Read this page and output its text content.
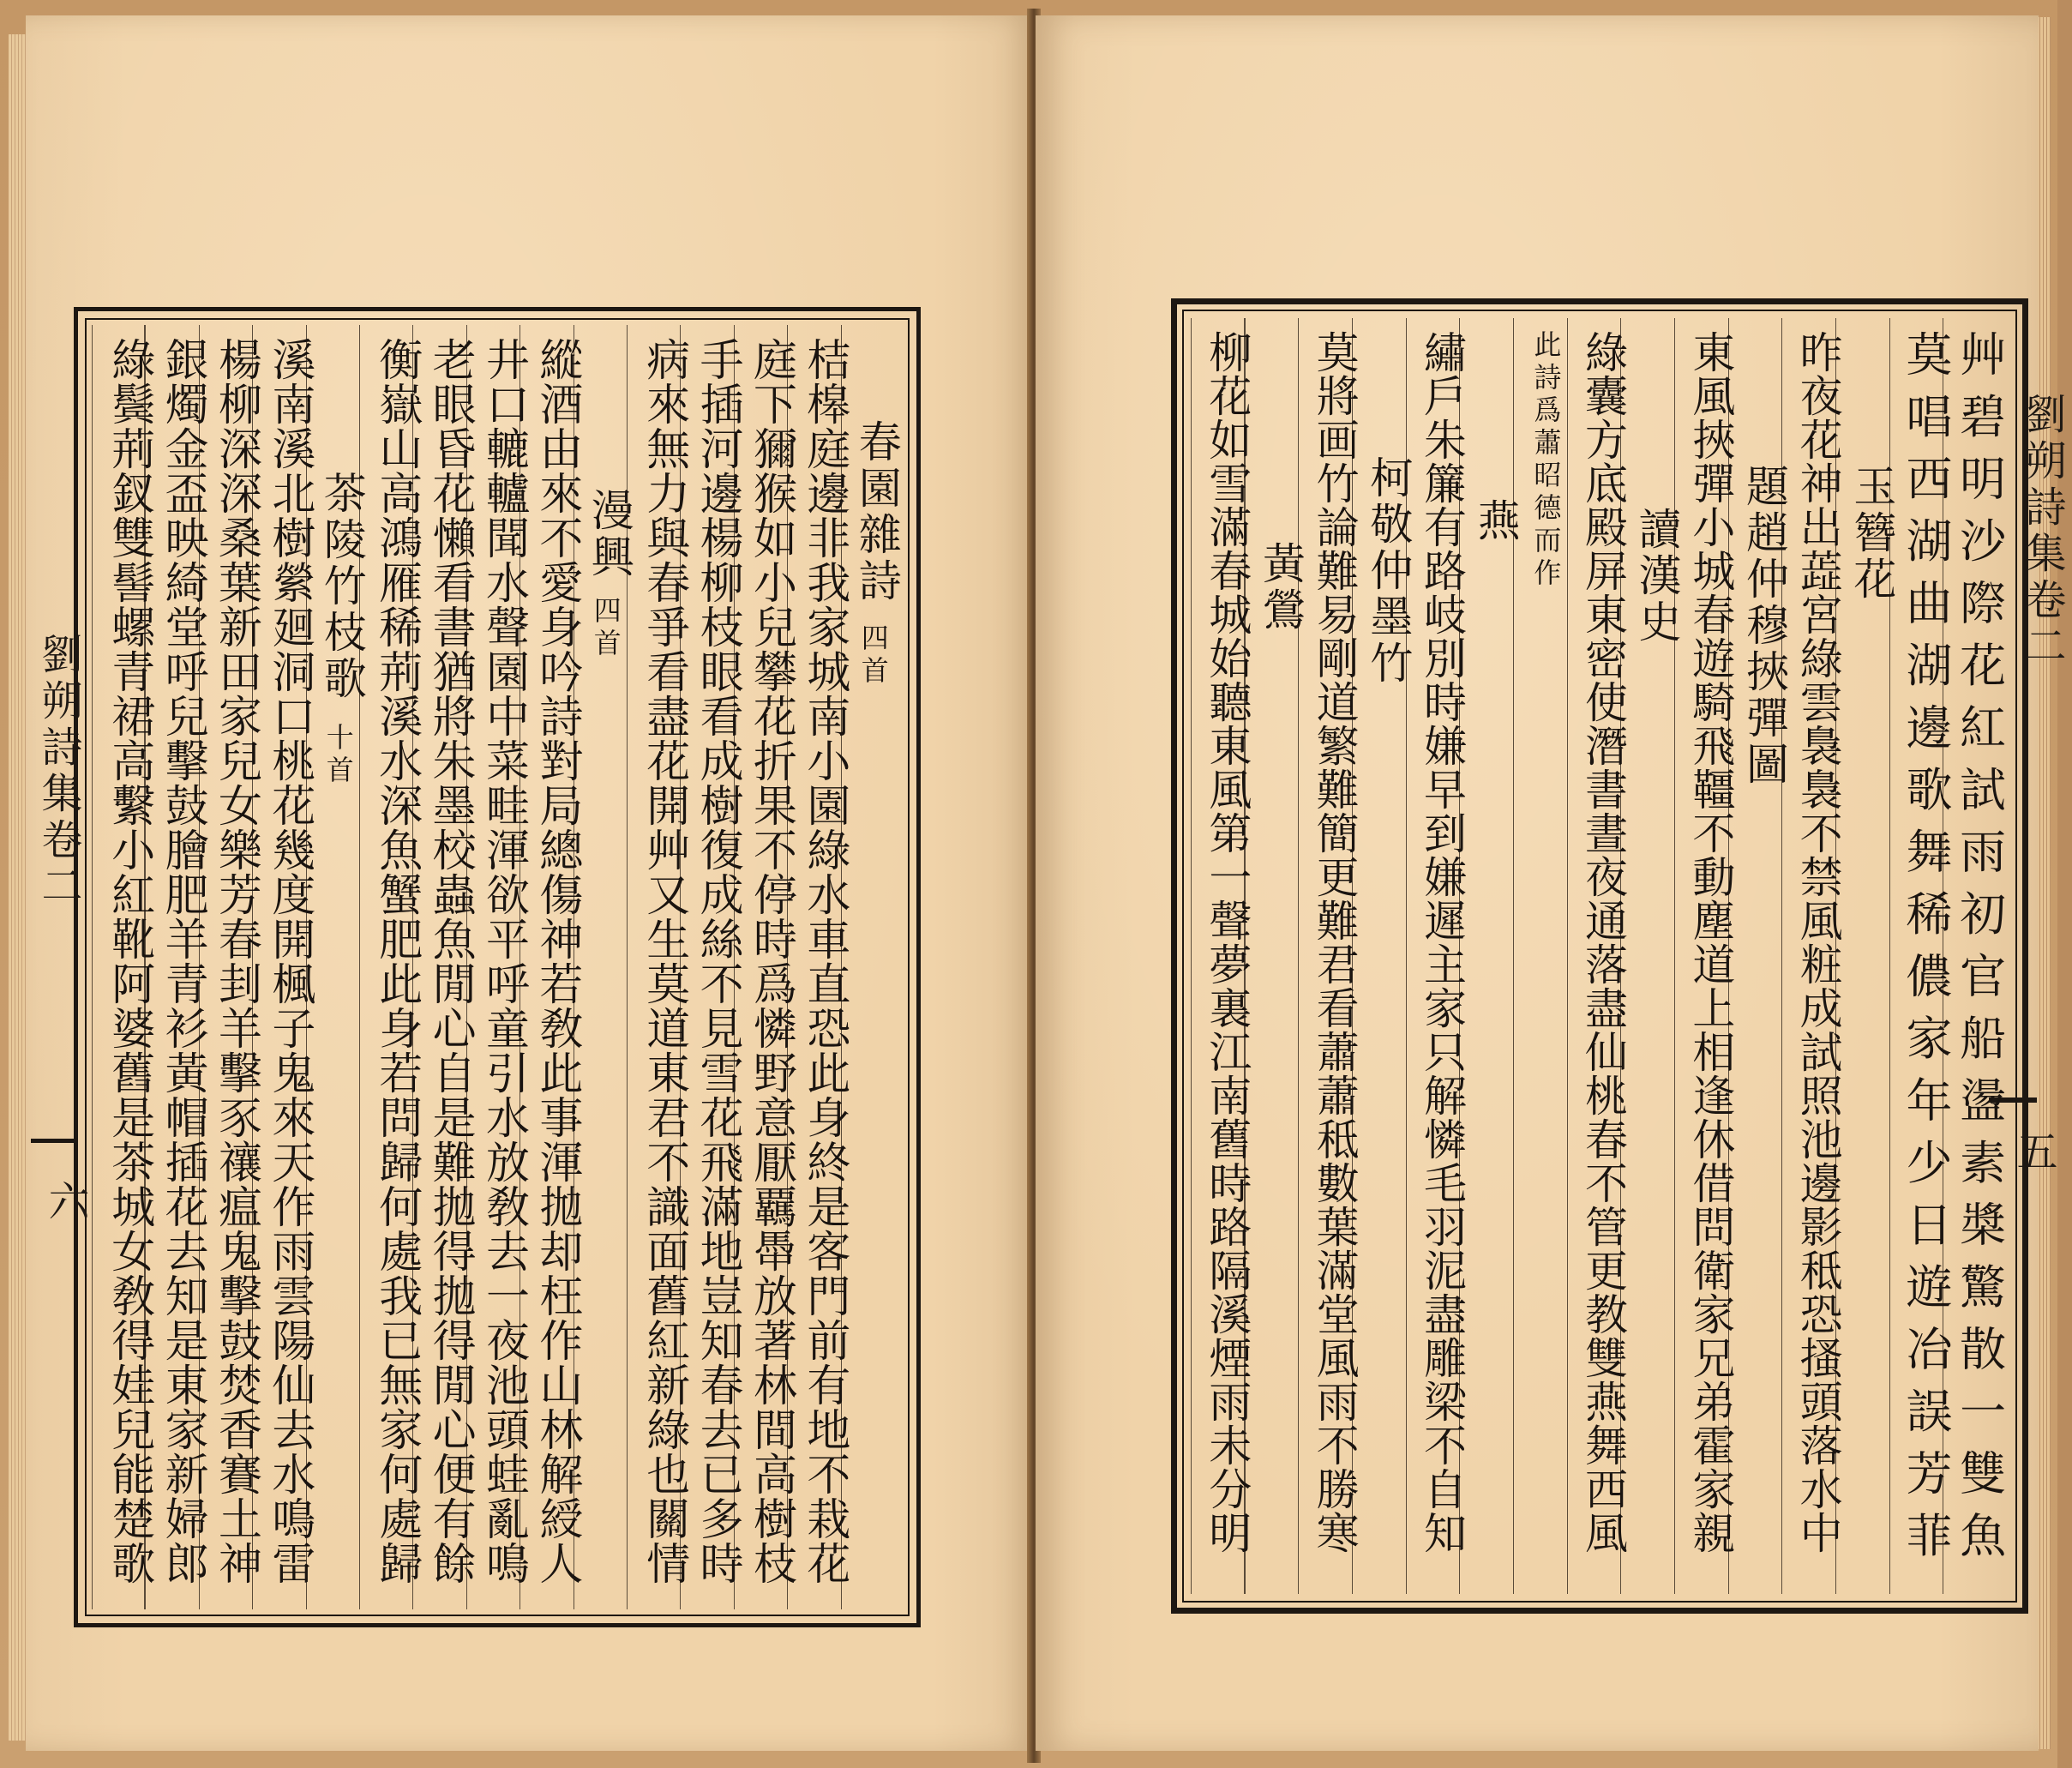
劉朔詩集卷二
六
春園雜詩
四首
桔槔庭邊非我家城南小園綠水車直恐此身終是客門前有地不栽花
庭下獮猴如小兒攀花折果不停時爲憐野意厭覊馽放著林間高樹枝
手插河邊楊柳枝眼看成樹復成絲不見雪花飛滿地豈知春去已多時
病來無力與春爭看盡花開艸又生莫道東君不識面舊紅新綠也關情
漫興
四首
縱酒由來不愛身吟詩對局總傷神若敎此事渾拋却枉作山林解綬人
井口轆轤聞水聲園中菜畦渾欲平呼童引水放敎去一夜池頭蛙亂鳴
老眼昏花懶看書猶將朱墨校蟲魚閒心自是難拋得拋得閒心便有餘
衡嶽山高鴻雁稀荊溪水深魚蟹肥此身若問歸何處我已無家何處歸
茶陵竹枝歌
十首
溪南溪北樹縈廻洞口桃花幾度開楓子鬼來天作雨雲陽仙去水鳴雷
楊柳深深桑葉新田家兒女樂芳春刲羊擊豕禳瘟鬼擊鼓焚香賽土神
銀燭金盃映綺堂呼兒擊鼓膾肥羊青衫黃帽插花去知是東家新婦郎
綠鬓荊釵雙髻螺青裙高繫小紅靴阿婆舊是茶城女敎得娃兒能楚歌	劉朔詩集卷二
五
艸碧明沙際花紅試雨初官船盪素槳驚散一雙魚
莫唱西湖曲湖邊歌舞稀儂家年少日遊冶誤芳菲
玉簪花
昨夜花神出蕋宮綠雲裊裊不禁風粧成試照池邊影秪恐搔頭落水中
題趙仲穆挾彈圖
東風挾彈小城春遊騎飛韁不動塵道上相逢休借問衛家兄弟霍家親
讀漢史
綠囊方底殿屏東密使潛書晝夜通落盡仙桃春不管更教雙燕舞西風
此詩爲蕭昭德而作
燕
繡戶朱簾有路岐別時嫌早到嫌遲主家只解憐毛羽泥盡雕梁不自知
柯敬仲墨竹
莫將画竹論難易剛道繁難簡更難君看蕭蕭秪數葉滿堂風雨不勝寒
黃鶯
柳花如雪滿春城始聽東風第一聲夢裏江南舊時路隔溪煙雨未分明
